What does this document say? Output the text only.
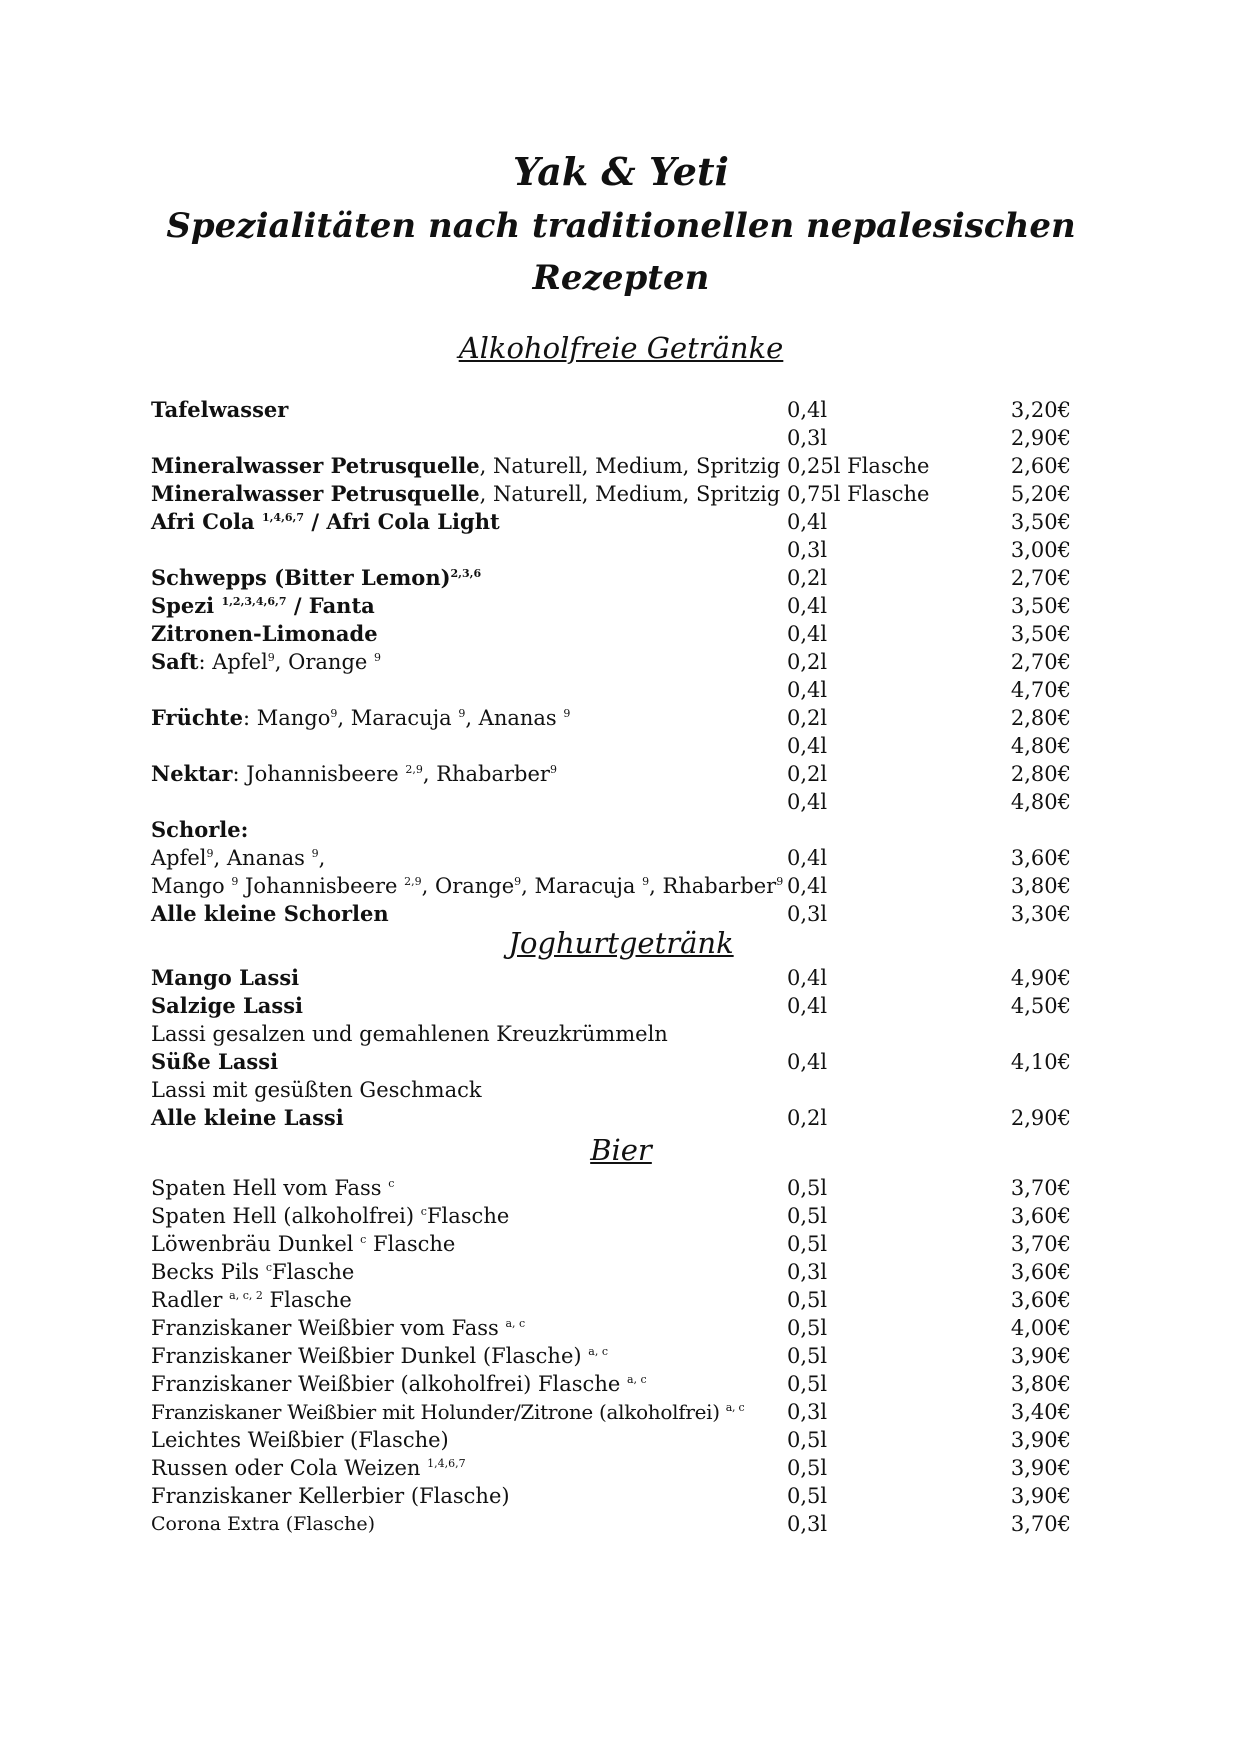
Yak & Yeti
Spezialitäten nach traditionellen nepalesischen Rezepten
Alkoholfreie Getränke
Tafelwasser	0,4l	3,20€
0,3l	2,90€
Mineralwasser Petrusquelle, Naturell, Medium, Spritzig 0,25l Flasche	2,60€
Mineralwasser Petrusquelle, Naturell, Medium, Spritzig 0,75l Flasche	5,20€
Afri Cola $^{1,4,6,7}$ / Afri Cola Light	0,4l	3,50€
0,3l	3,00€
Schwepps (Bitter Lemon)$^{2,3,6}$	0,2l	2,70€
Spezi $^{1,2,3,4,6,7}$ / Fanta	0,4l	3,50€
Zitronen-Limonade	0,4l	3,50€
Saft: Apfel$^9$, Orange $^9$	0,2l	2,70€
0,4l	4,70€
Früchte: Mango$^9$, Maracuja $^9$, Ananas $^9$	0,2l	2,80€
0,4l	4,80€
Nektar: Johannisbeere $^{2,9}$, Rhabarber$^9$	0,2l	2,80€
0,4l	4,80€
Schorle:
Apfel$^9$, Ananas $^9$,	0,4l	3,60€
Mango $^9$ Johannisbeere $^{2,9}$, Orange$^9$, Maracuja $^9$, Rhabarber$^9$ 0,4l	3,80€
Alle kleine Schorlen	0,3l	3,30€
Joghurtgetränk
Mango Lassi	0,4l	4,90€
Salzige Lassi	0,4l	4,50€
Lassi gesalzen und gemahlenen Kreuzkrümmeln
Süße Lassi	0,4l	4,10€
Lassi mit gesüßten Geschmack
Alle kleine Lassi	0,2l	2,90€
Bier
Spaten Hell vom Fass $^c$	0,5l	3,70€
Spaten Hell (alkoholfrei) $^c$Flasche	0,5l	3,60€
Löwenbräu Dunkel $^c$ Flasche	0,5l	3,70€
Becks Pils $^c$Flasche	0,3l	3,60€
Radler $^{a, c, 2}$ Flasche	0,5l	3,60€
Franziskaner Weißbier vom Fass $^{a, c}$	0,5l	4,00€
Franziskaner Weißbier Dunkel (Flasche) $^{a, c}$	0,5l	3,90€
Franziskaner Weißbier (alkoholfrei) Flasche $^{a, c}$	0,5l	3,80€
Franziskaner Weißbier mit Holunder/Zitrone (alkoholfrei) $^{a, c}$ 0,3l	3,40€
Leichtes Weißbier (Flasche)	0,5l	3,90€
Russen oder Cola Weizen $^{1,4,6,7}$	0,5l	3,90€
Franziskaner Kellerbier (Flasche)	0,5l	3,90€
Corona Extra (Flasche)	0,3l	3,70€
